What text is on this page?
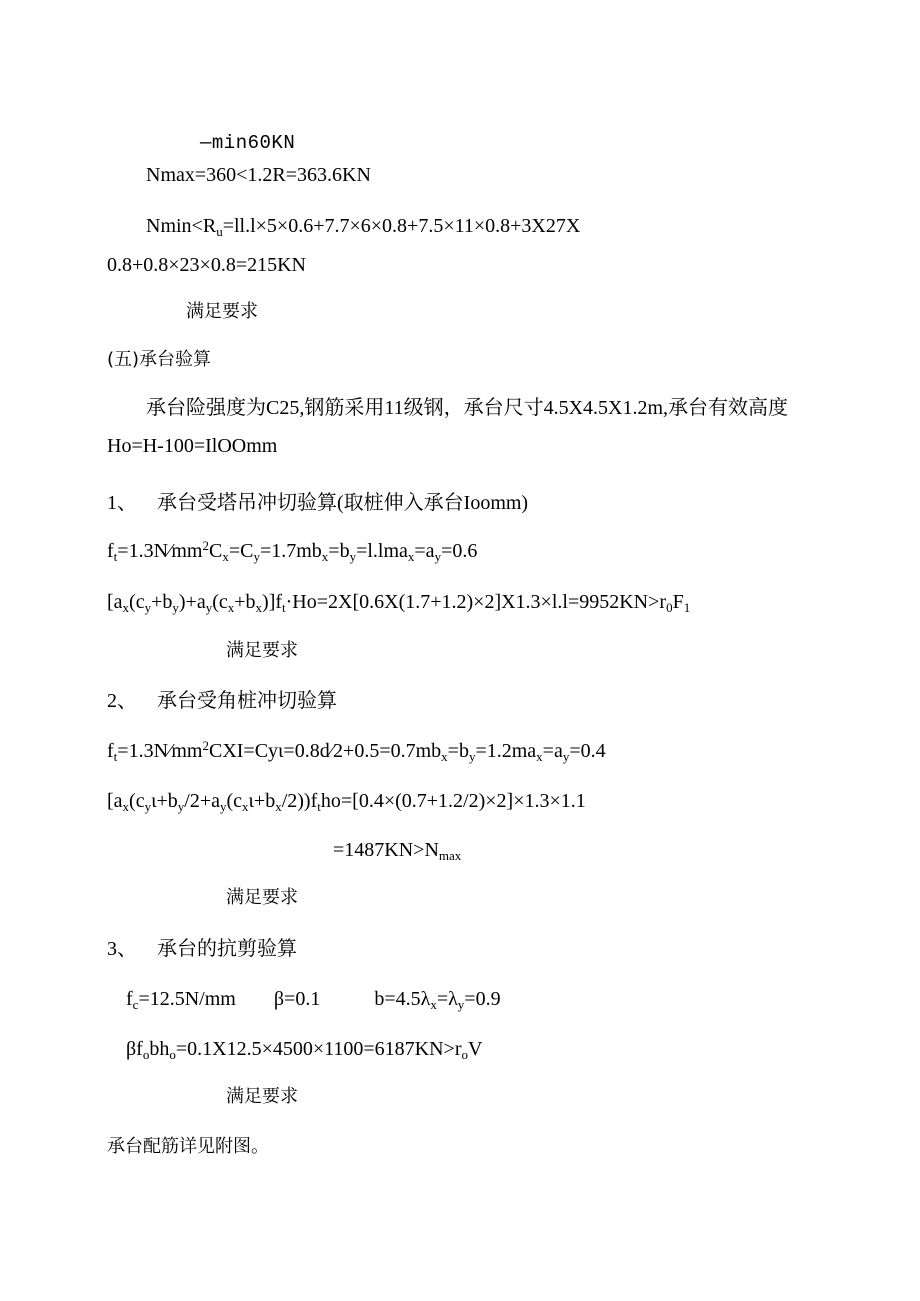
—min60KN
Nmax=360<1.2R=363.6KN
$Nmin<R_u=ll.l\times 5\times 0.6+7.7\times 6\times 0.8+7.5\times 11\times 0.8+3X27X$
0.8+0.8×23×0.8=215KN
满足要求
(五)承台验算
承台险强度为C25,钢筋采用11级钢，承台尺寸4.5X4.5X1.2m,承台有效高度
Ho=H-100=IlOOmm
1、 承台受塔吊冲切验算(取桩伸入承台Ioomm)
$f_t=1.3N⁄mm^2C_x=C_y=1.7mb_x=b_y=l.lma_x=a_y=0.6$
$[a_x(c_y+b_y)+a_y(c_x+b_x)]f_t\cdot Ho=2X[0.6X(1.7+1.2)\times 2]X1.3\times l.l=9952KN>r_0F_1$
满足要求
2、 承台受角桩冲切验算
$f_t=1.3N⁄mm^2CXI=Cy\iota=0.8d⁄2+0.5=0.7mb_x=b_y=1.2ma_x=a_y=0.4$
[$a_x(c_y\iota+b_y/2+a_y(c_x\iota+b_x/2))f_tho=[0.4\times(0.7+1.2/2)\times 2]\times 1.3\times 1.1$
$=1487KN>N_{max}$
满足要求
3、 承台的抗剪验算
$f_c=12.5N/mm$ β=0.1	$b=4.5\lambda_x=\lambda_y=0.9$
$\beta f_obh_o=0.1X12.5\times 4500\times 1100=6187KN>r_oV$
满足要求
承台配筋详见附图。
